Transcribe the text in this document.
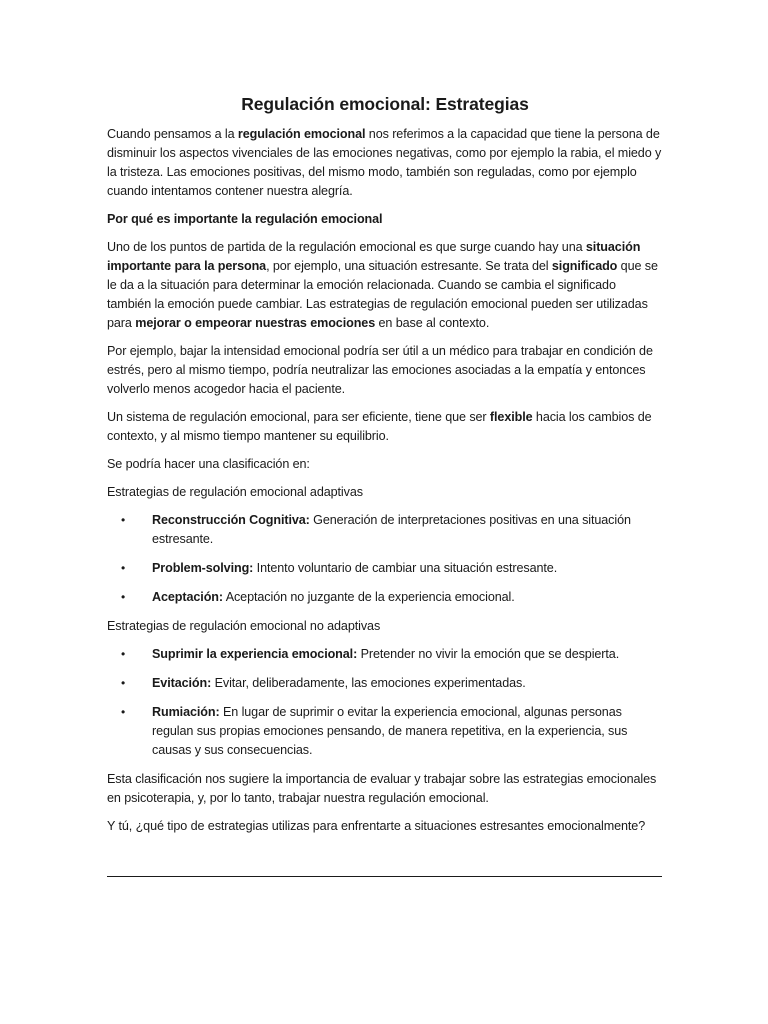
Regulación emocional: Estrategias

Cuando pensamos a la regulación emocional nos referimos a la capacidad que tiene la persona de disminuir los aspectos vivenciales de las emociones negativas, como por ejemplo la rabia, el miedo y la tristeza. Las emociones positivas, del mismo modo, también son reguladas, como por ejemplo cuando intentamos contener nuestra alegría.

Por qué es importante la regulación emocional

Uno de los puntos de partida de la regulación emocional es que surge cuando hay una situación importante para la persona, por ejemplo, una situación estresante. Se trata del significado que se le da a la situación para determinar la emoción relacionada. Cuando se cambia el significado también la emoción puede cambiar. Las estrategias de regulación emocional pueden ser utilizadas para mejorar o empeorar nuestras emociones en base al contexto.

Por ejemplo, bajar la intensidad emocional podría ser útil a un médico para trabajar en condición de estrés, pero al mismo tiempo, podría neutralizar las emociones asociadas a la empatía y entonces volverlo menos acogedor hacia el paciente.

Un sistema de regulación emocional, para ser eficiente, tiene que ser flexible hacia los cambios de contexto, y al mismo tiempo mantener su equilibrio.

Se podría hacer una clasificación en:

Estrategias de regulación emocional adaptivas

• Reconstrucción Cognitiva: Generación de interpretaciones positivas en una situación estresante.
• Problem-solving: Intento voluntario de cambiar una situación estresante.
• Aceptación: Aceptación no juzgante de la experiencia emocional.

Estrategias de regulación emocional no adaptivas

• Suprimir la experiencia emocional: Pretender no vivir la emoción que se despierta.
• Evitación: Evitar, deliberadamente, las emociones experimentadas.
• Rumiación: En lugar de suprimir o evitar la experiencia emocional, algunas personas regulan sus propias emociones pensando, de manera repetitiva, en la experiencia, sus causas y sus consecuencias.

Esta clasificación nos sugiere la importancia de evaluar y trabajar sobre las estrategias emocionales en psicoterapia, y, por lo tanto, trabajar nuestra regulación emocional.

Y tú, ¿qué tipo de estrategias utilizas para enfrentarte a situaciones estresantes emocionalmente?
